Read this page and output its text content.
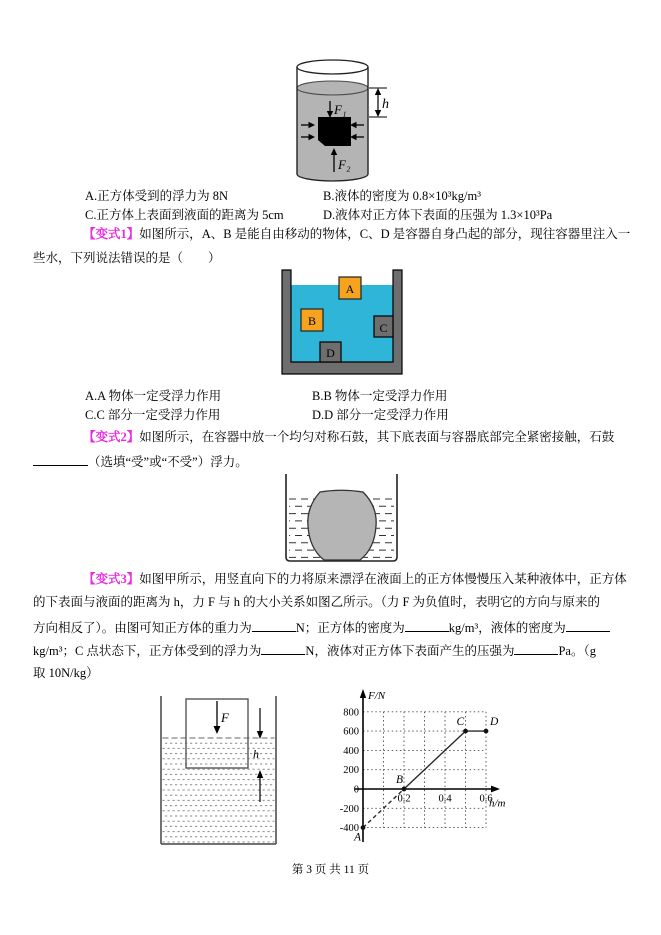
F₁
F₂
h
A.正方体受到的浮力为 8N	B.液体的密度为 0.8×10³kg/m³
C.正方体上表面到液面的距离为 5cm	D.液体对正方体下表面的压强为 1.3×10³Pa
【变式1】如图所示，A、B 是能自由移动的物体，C、D 是容器自身凸起的部分，现往容器里注入一
些水，下列说法错误的是（　　）
A
B	C
D
A.A 物体一定受浮力作用	B.B 物体一定受浮力作用
C.C 部分一定受浮力作用	D.D 部分一定受浮力作用
【变式2】如图所示，在容器中放一个均匀对称石鼓，其下底表面与容器底部完全紧密接触，石鼓
（选填“受”或“不受”）浮力。
【变式3】如图甲所示，用竖直向下的力将原来漂浮在液面上的正方体慢慢压入某种液体中，正方体
的下表面与液面的距离为 h，力 F 与 h 的大小关系如图乙所示。（力 F 为负值时，表明它的方向与原来的
方向相反了）。由图可知正方体的重力为	N；正方体的密度为	kg/m³，液体的密度为
kg/m³；C 点状态下，正方体受到的浮力为	N，液体对正方体下表面产生的压强为	Pa。（g
取 10N/kg）
F
h
800
600
400
200
0
-200
-400
0.2	0.4	0.6
A
B
C D
F/N
h/m
第 3 页 共 11 页
